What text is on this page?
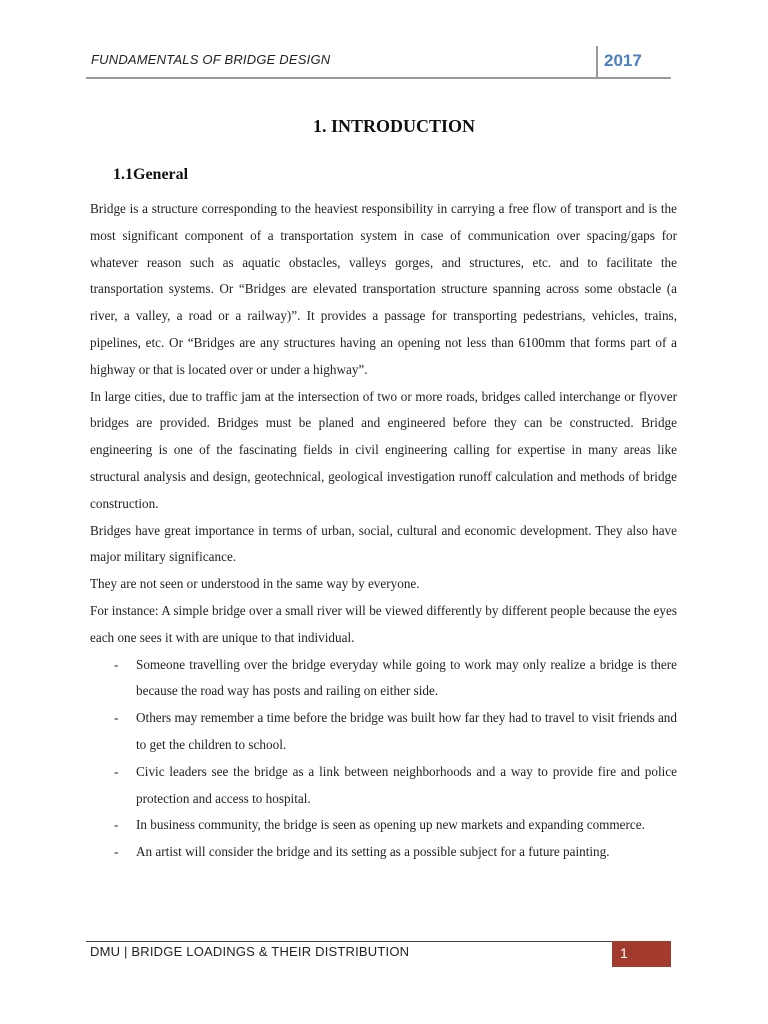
FUNDAMENTALS OF BRIDGE DESIGN	2017
1. INTRODUCTION
1.1General

Bridge is a structure corresponding to the heaviest responsibility in carrying a free flow of transport and is the most significant component of a transportation system in case of communication over spacing/gaps for whatever reason such as aquatic obstacles, valleys gorges, and structures, etc. and to facilitate the transportation systems. Or “Bridges are elevated transportation structure spanning across some obstacle (a river, a valley, a road or a railway)”. It provides a passage for transporting pedestrians, vehicles, trains, pipelines, etc. Or “Bridges are any structures having an opening not less than 6100mm that forms part of a highway or that is located over or under a highway”.

In large cities, due to traffic jam at the intersection of two or more roads, bridges called interchange or flyover bridges are provided. Bridges must be planed and engineered before they can be constructed. Bridge engineering is one of the fascinating fields in civil engineering calling for expertise in many areas like structural analysis and design, geotechnical, geological investigation runoff calculation and methods of bridge construction.

Bridges have great importance in terms of urban, social, cultural and economic development. They also have major military significance.

They are not seen or understood in the same way by everyone.

For instance: A simple bridge over a small river will be viewed differently by different people because the eyes each one sees it with are unique to that individual.

- Someone travelling over the bridge everyday while going to work may only realize a bridge is there because the road way has posts and railing on either side.
- Others may remember a time before the bridge was built how far they had to travel to visit friends and to get the children to school.
- Civic leaders see the bridge as a link between neighborhoods and a way to provide fire and police protection and access to hospital.
- In business community, the bridge is seen as opening up new markets and expanding commerce.
- An artist will consider the bridge and its setting as a possible subject for a future painting.
DMU | BRIDGE LOADINGS & THEIR DISTRIBUTION	1
